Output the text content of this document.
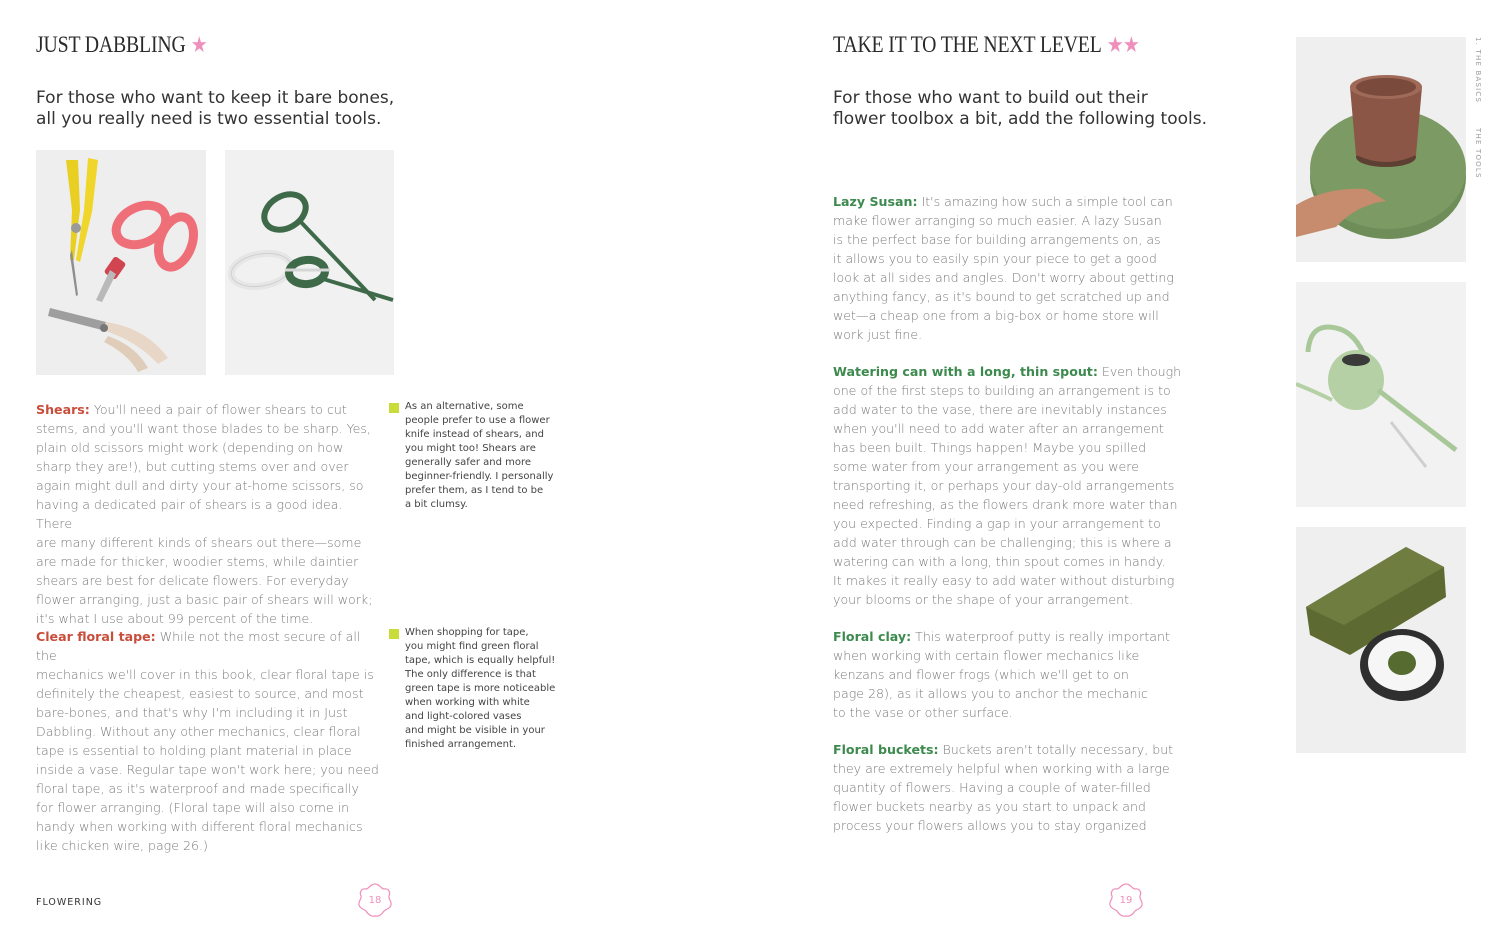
JUST DABBLING ★
For those who want to keep it bare bones,
all you really need is two essential tools.
Shears: You'll need a pair of flower shears to cut
stems, and you'll want those blades to be sharp. Yes,
plain old scissors might work (depending on how
sharp they are!), but cutting stems over and over
again might dull and dirty your at-home scissors, so
having a dedicated pair of shears is a good idea. There
are many different kinds of shears out there—some
are made for thicker, woodier stems, while daintier
shears are best for delicate flowers. For everyday
flower arranging, just a basic pair of shears will work;
it's what I use about 99 percent of the time.
Clear floral tape: While not the most secure of all the
mechanics we'll cover in this book, clear floral tape is
definitely the cheapest, easiest to source, and most
bare-bones, and that's why I'm including it in Just
Dabbling. Without any other mechanics, clear floral
tape is essential to holding plant material in place
inside a vase. Regular tape won't work here; you need
floral tape, as it's waterproof and made specifically
for flower arranging. (Floral tape will also come in
handy when working with different floral mechanics
like chicken wire, page 26.)
As an alternative, some
people prefer to use a flower
knife instead of shears, and
you might too! Shears are
generally safer and more
beginner-friendly. I personally
prefer them, as I tend to be
a bit clumsy.
When shopping for tape,
you might find green floral
tape, which is equally helpful!
The only difference is that
green tape is more noticeable
when working with white
and light-colored vases
and might be visible in your
finished arrangement.
FLOWERING	18
TAKE IT TO THE NEXT LEVEL ★★
For those who want to build out their
flower toolbox a bit, add the following tools.
Lazy Susan: It's amazing how such a simple tool can
make flower arranging so much easier. A lazy Susan
is the perfect base for building arrangements on, as
it allows you to easily spin your piece to get a good
look at all sides and angles. Don't worry about getting
anything fancy, as it's bound to get scratched up and
wet—a cheap one from a big-box or home store will
work just fine.
Watering can with a long, thin spout: Even though
one of the first steps to building an arrangement is to
add water to the vase, there are inevitably instances
when you'll need to add water after an arrangement
has been built. Things happen! Maybe you spilled
some water from your arrangement as you were
transporting it, or perhaps your day-old arrangements
need refreshing, as the flowers drank more water than
you expected. Finding a gap in your arrangement to
add water through can be challenging; this is where a
watering can with a long, thin spout comes in handy.
It makes it really easy to add water without disturbing
your blooms or the shape of your arrangement.
Floral clay: This waterproof putty is really important
when working with certain flower mechanics like
kenzans and flower frogs (which we'll get to on
page 28), as it allows you to anchor the mechanic
to the vase or other surface.
Floral buckets: Buckets aren't totally necessary, but
they are extremely helpful when working with a large
quantity of flowers. Having a couple of water-filled
flower buckets nearby as you start to unpack and
process your flowers allows you to stay organized
1. THE BASICS
THE TOOLS
19
